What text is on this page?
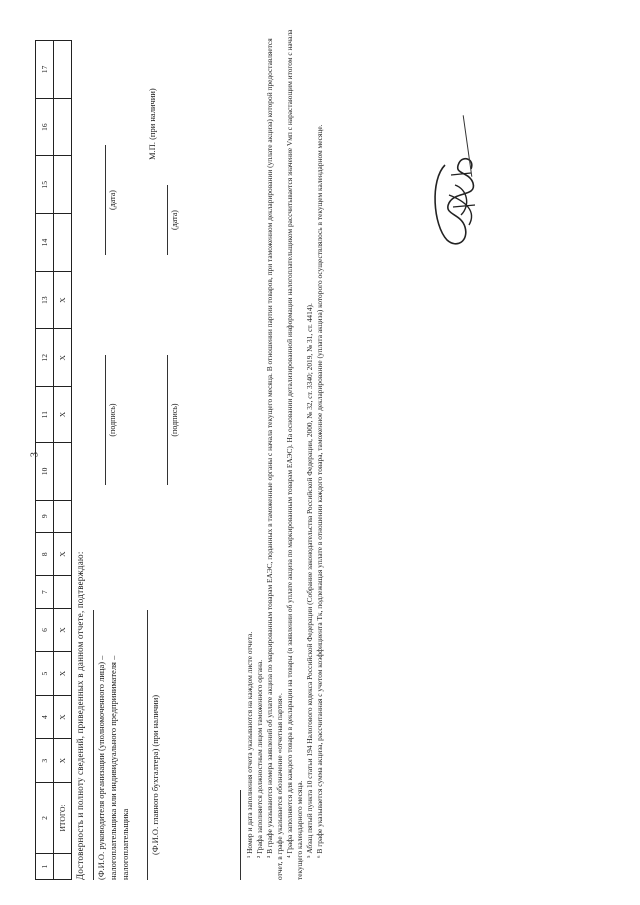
3
1	2	3	4	5	6	7	8	9	10	11	12	13	14	15	16	17
	ИТОГО:	X	X	X	X		X			X	X	X				
Достоверность и полноту сведений, приведенных в данном отчете, подтверждаю: (Ф.И.О. руководителя организации (уполномоченного лица) – налогоплательщика или индивидуального предпринимателя – налогоплательщика
(подпись)
(дата)
(Ф.И.О. главного бухгалтера) (при наличии)
(подпись)
(дата)
М.П. (при наличии)

¹ Номер и дата заполнения отчета указываются на каждом листе отчета. ² Графа заполняется должностным лицом таможенного органа. ³ В графе указываются номера заявлений об уплате акциза по маркированным товарам ЕАЭС, поданных в таможенные органы с начала текущего месяца. В отношении партии товаров, при таможенном декларировании (уплате акциза) которой предоставляется отчет, в графе указывается обозначение «отчетная партия». ⁴ Графа заполняется для каждого товара в декларации на товары (в заявлении об уплате акциза по маркированным товарам ЕАЭС). На основании детализированной информации налогоплательщиком рассчитывается значение Vмп с нарастающим итогом с начала текущего календарного месяца. ⁵ Абзац пятый пункта 10 статьи 194 Налогового кодекса Российской Федерации (Собрание законодательства Российской Федерации, 2000, № 32, ст. 3340; 2019, № 31, ст. 4414). ⁶ В графе указывается сумма акциза, рассчитанная с учетом коэффициента Tк, подлежащая уплате в отношении каждого товара, таможенное декларирование (уплата акциза) которого осуществлялось в текущем календарном месяце.
